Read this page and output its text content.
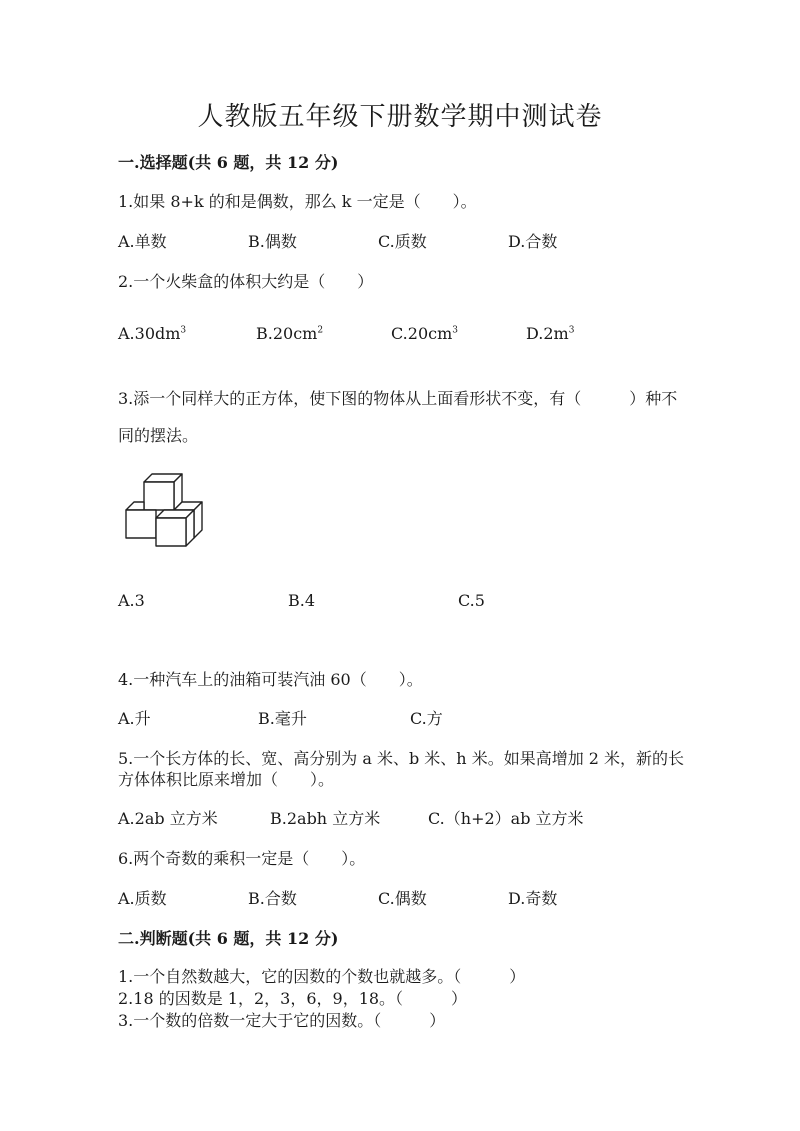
人教版五年级下册数学期中测试卷
一.选择题(共 6 题，共 12 分)
1.如果 8+k 的和是偶数，那么 k 一定是（　　）。
A.单数	B.偶数	C.质数	D.合数
2.一个火柴盒的体积大约是（　　）
$A.30dm^3$	$B.20cm^2$	$C.20cm^3$	$D.2m^3$
3.添一个同样大的正方体，使下图的物体从上面看形状不变，有（　　　）种不
同的摆法。
A.3	B.4	C.5
4.一种汽车上的油箱可装汽油 60（　　）。
A.升	B.毫升	C.方
5.一个长方体的长、宽、高分别为 a 米、b 米、h 米。如果高增加 2 米，新的长
方体体积比原来增加（　　）。
A.2ab 立方米	B.2abh 立方米	C.（h+2）ab 立方米
6.两个奇数的乘积一定是（　　）。
A.质数	B.合数	C.偶数	D.奇数
二.判断题(共 6 题，共 12 分)
1.一个自然数越大，它的因数的个数也就越多。（　　　）
2.18 的因数是 1，2，3，6，9，18。（　　　）
3.一个数的倍数一定大于它的因数。（　　　）
